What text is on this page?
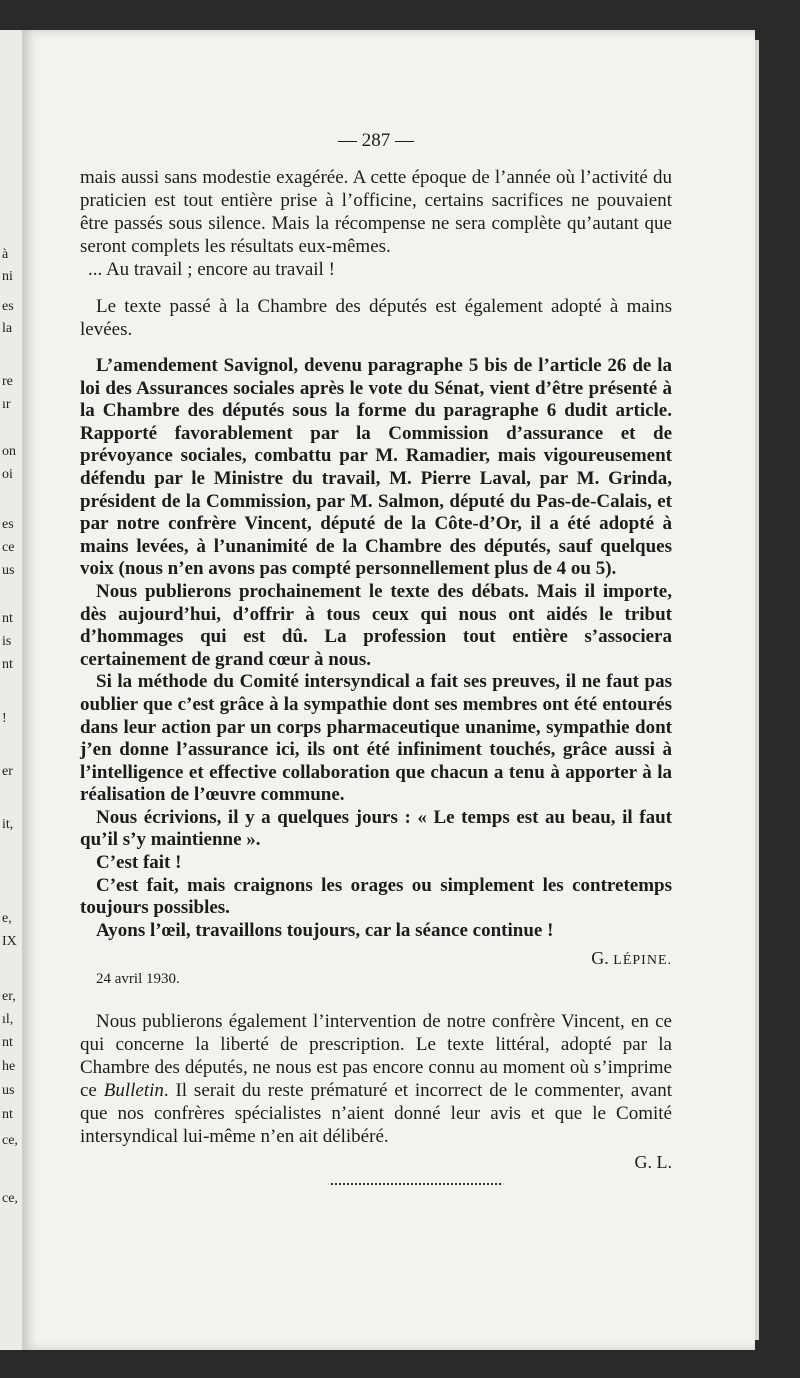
à
ni
es
la
re
ır
on
oi
es
ce
us
nt
is
nt
!
er
it,
e,
IX
er,
ıl,
nt
he
us
nt
ce,
ce,
— 287 —

mais aussi sans modestie exagérée. A cette époque de l’année où l’activité du praticien est tout entière prise à l’officine, certains sacrifices ne pouvaient être passés sous silence. Mais la récompense ne sera complète qu’autant que seront complets les résultats eux-mêmes.

... Au travail ; encore au travail !

Le texte passé à la Chambre des députés est également adopté à mains levées.

L’amendement Savignol, devenu paragraphe 5 bis de l’article 26 de la loi des Assurances sociales après le vote du Sénat, vient d’être présenté à la Chambre des députés sous la forme du paragraphe 6 dudit article. Rapporté favorablement par la Commission d’assurance et de prévoyance sociales, combattu par M. Ramadier, mais vigoureusement défendu par le Ministre du travail, M. Pierre Laval, par M. Grinda, président de la Commission, par M. Salmon, député du Pas-de-Calais, et par notre confrère Vincent, député de la Côte-d’Or, il a été adopté à mains levées, à l’unanimité de la Chambre des députés, sauf quelques voix (nous n’en avons pas compté personnellement plus de 4 ou 5).

Nous publierons prochainement le texte des débats. Mais il importe, dès aujourd’hui, d’offrir à tous ceux qui nous ont aidés le tribut d’hommages qui est dû. La profession tout entière s’associera certainement de grand cœur à nous.

Si la méthode du Comité intersyndical a fait ses preuves, il ne faut pas oublier que c’est grâce à la sympathie dont ses membres ont été entourés dans leur action par un corps pharmaceutique unanime, sympathie dont j’en donne l’assurance ici, ils ont été infiniment touchés, grâce aussi à l’intelligence et effective collaboration que chacun a tenu à apporter à la réalisation de l’œuvre commune.

Nous écrivions, il y a quelques jours : « Le temps est au beau, il faut qu’il s’y maintienne ».

C’est fait !

C’est fait, mais craignons les orages ou simplement les contretemps toujours possibles.

Ayons l’œil, travaillons toujours, car la séance continue !

G. LÉPINE.
24 avril 1930.

Nous publierons également l’intervention de notre confrère Vincent, en ce qui concerne la liberté de prescription. Le texte littéral, adopté par la Chambre des députés, ne nous est pas encore connu au moment où s’imprime ce Bulletin. Il serait du reste prématuré et incorrect de le commenter, avant que nos confrères spécialistes n’aient donné leur avis et que le Comité intersyndical lui-même n’en ait délibéré.

G. L.
